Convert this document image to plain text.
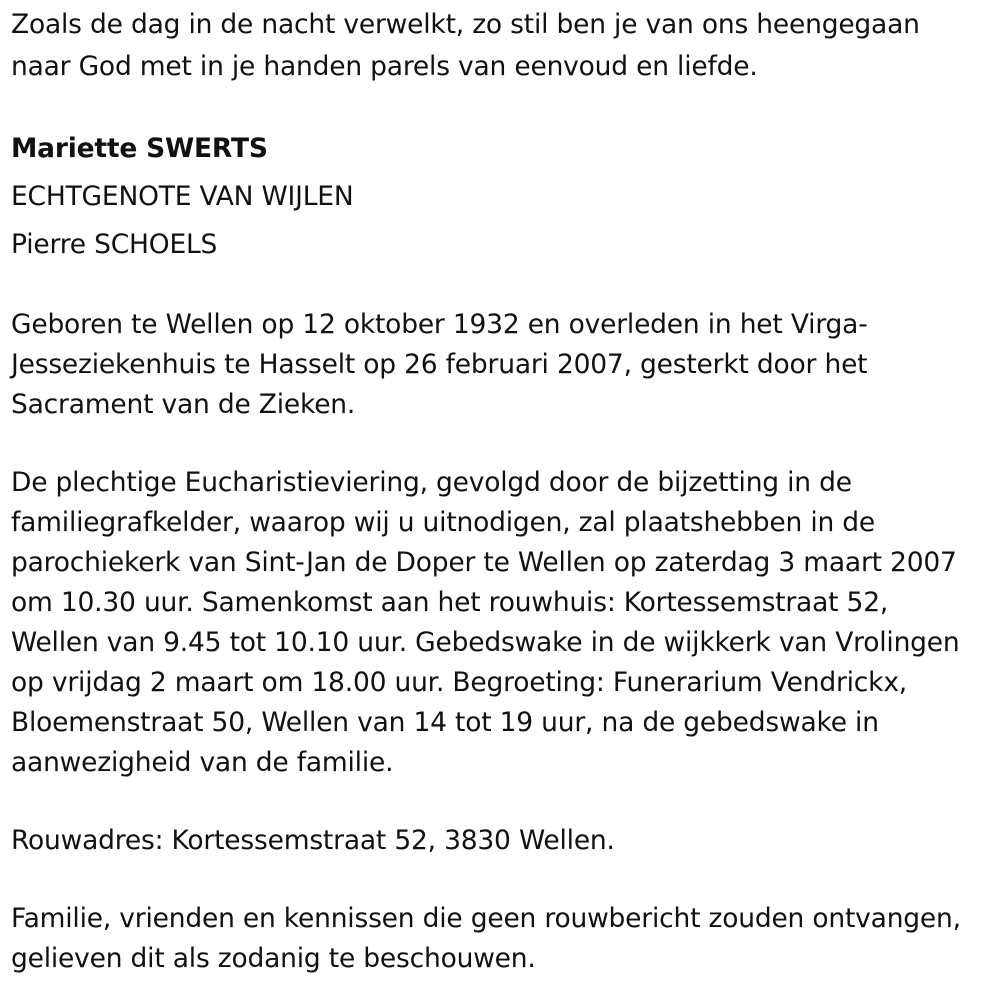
Zoals de dag in de nacht verwelkt, zo stil ben je van ons heengegaan
naar God met in je handen parels van eenvoud en liefde.
Mariette SWERTS
ECHTGENOTE VAN WIJLEN
Pierre SCHOELS
Geboren te Wellen op 12 oktober 1932 en overleden in het Virga-
Jesseziekenhuis te Hasselt op 26 februari 2007, gesterkt door het
Sacrament van de Zieken.
De plechtige Eucharistieviering, gevolgd door de bijzetting in de
familiegrafkelder, waarop wij u uitnodigen, zal plaatshebben in de
parochiekerk van Sint-Jan de Doper te Wellen op zaterdag 3 maart 2007
om 10.30 uur. Samenkomst aan het rouwhuis: Kortessemstraat 52,
Wellen van 9.45 tot 10.10 uur. Gebedswake in de wijkkerk van Vrolingen
op vrijdag 2 maart om 18.00 uur. Begroeting: Funerarium Vendrickx,
Bloemenstraat 50, Wellen van 14 tot 19 uur, na de gebedswake in
aanwezigheid van de familie.
Rouwadres: Kortessemstraat 52, 3830 Wellen.
Familie, vrienden en kennissen die geen rouwbericht zouden ontvangen,
gelieven dit als zodanig te beschouwen.
